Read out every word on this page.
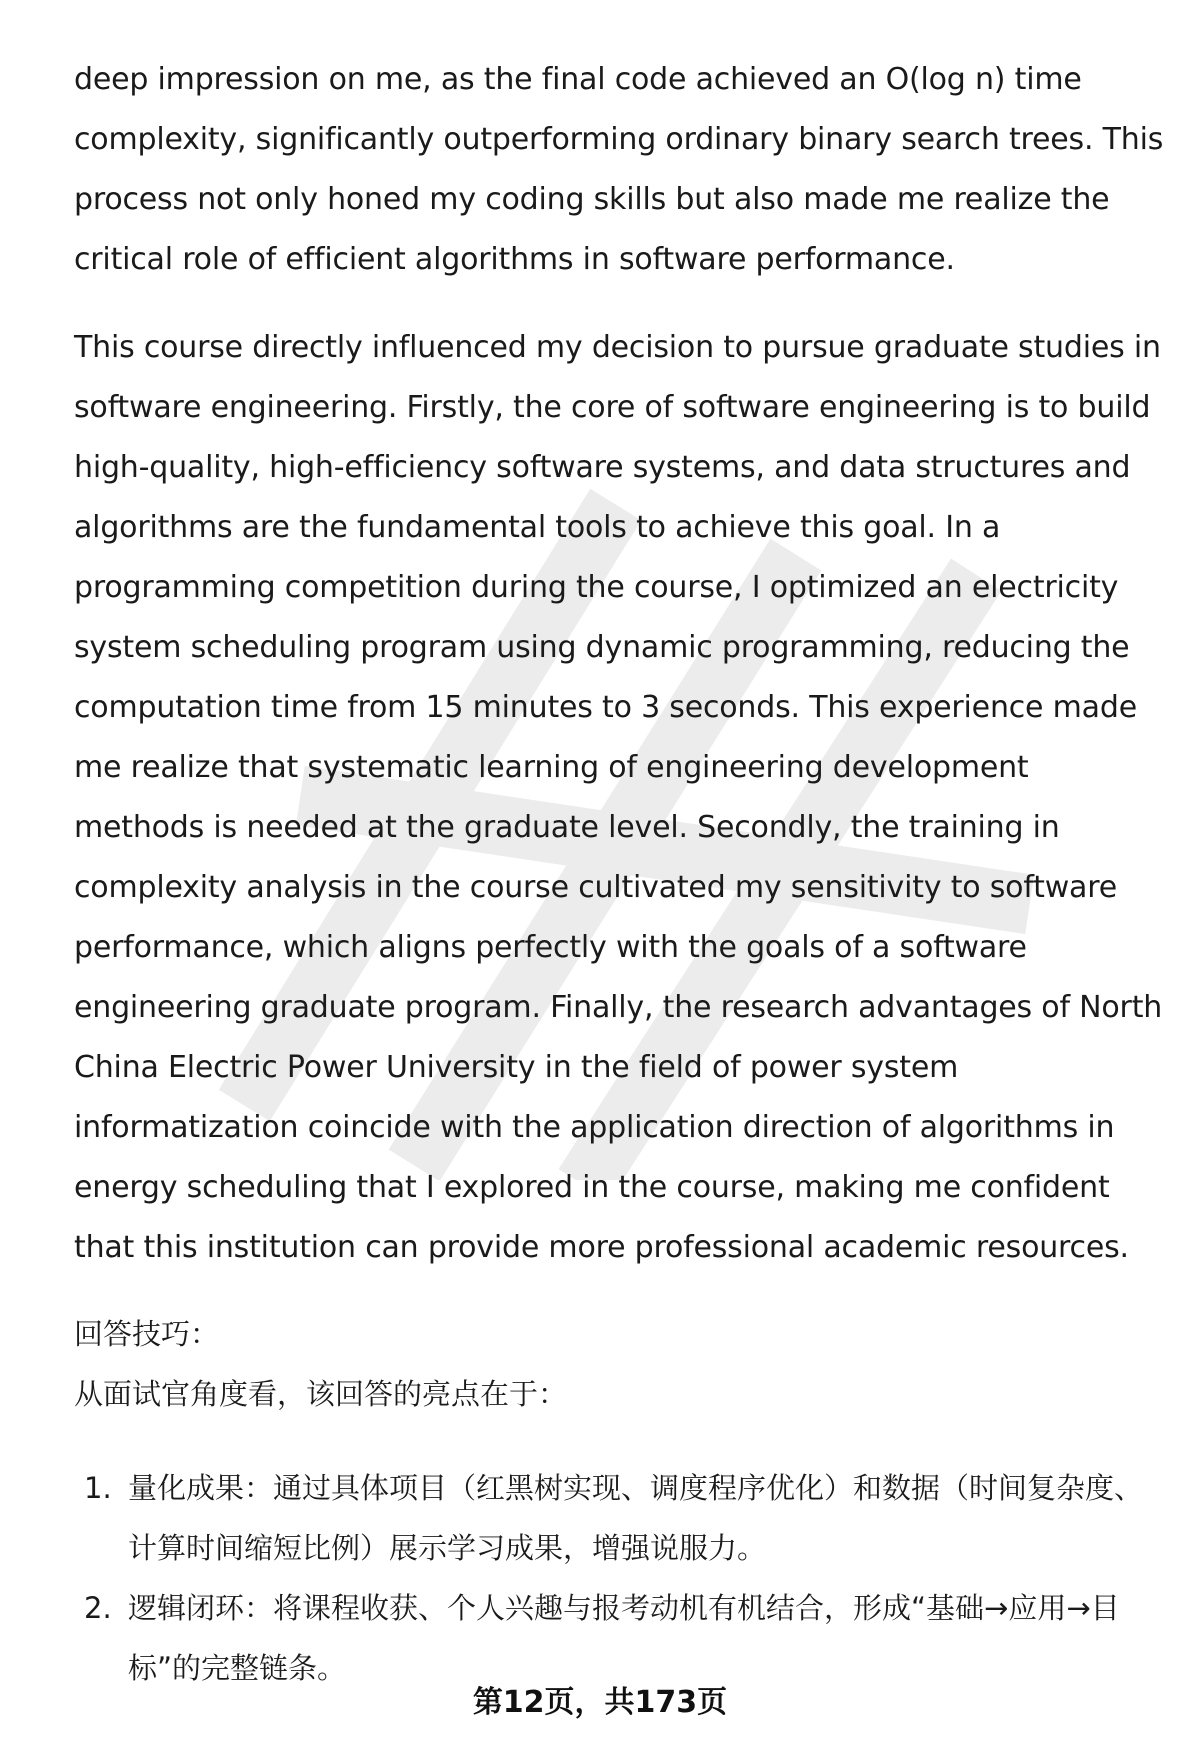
deep impression on me, as the final code achieved an O(log n) time complexity, significantly outperforming ordinary binary search trees. This process not only honed my coding skills but also made me realize the critical role of efficient algorithms in software performance.
This course directly influenced my decision to pursue graduate studies in software engineering. Firstly, the core of software engineering is to build high-quality, high-efficiency software systems, and data structures and algorithms are the fundamental tools to achieve this goal. In a programming competition during the course, I optimized an electricity system scheduling program using dynamic programming, reducing the computation time from 15 minutes to 3 seconds. This experience made me realize that systematic learning of engineering development methods is needed at the graduate level. Secondly, the training in complexity analysis in the course cultivated my sensitivity to software performance, which aligns perfectly with the goals of a software engineering graduate program. Finally, the research advantages of North China Electric Power University in the field of power system informatization coincide with the application direction of algorithms in energy scheduling that I explored in the course, making me confident that this institution can provide more professional academic resources.
回答技巧：
从面试官角度看，该回答的亮点在于：
1. 量化成果：通过具体项目（红黑树实现、调度程序优化）和数据（时间复杂度、计算时间缩短比例）展示学习成果，增强说服力。
2. 逻辑闭环：将课程收获、个人兴趣与报考动机有机结合，形成“基础→应用→目标”的完整链条。
第12页，共173页
